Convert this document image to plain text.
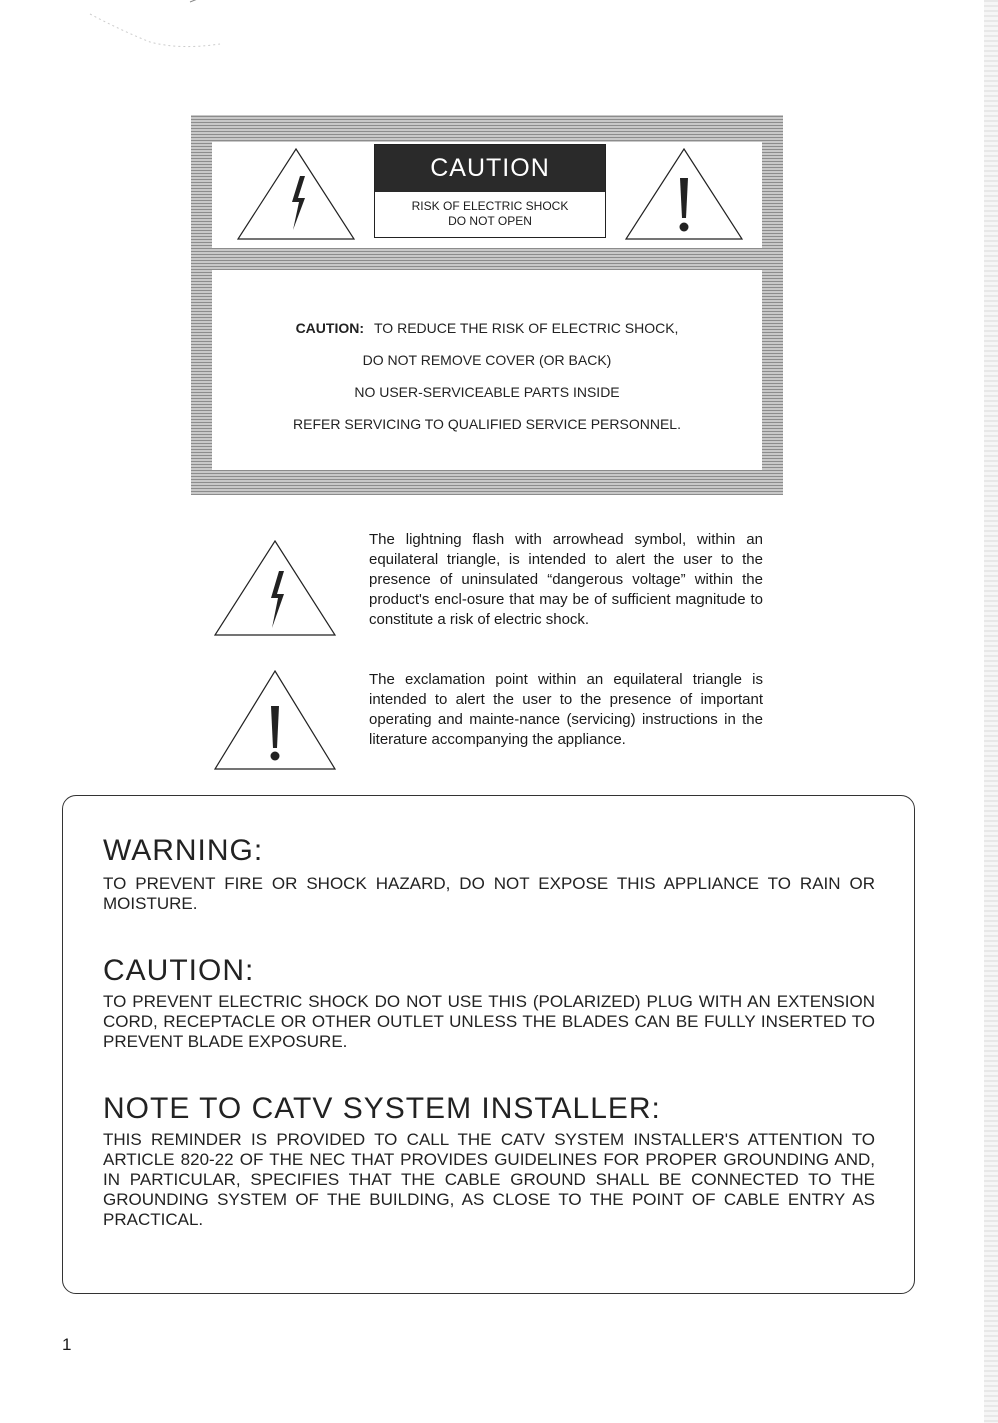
CAUTION
RISK OF ELECTRIC SHOCK
DO NOT OPEN
CAUTION: TO REDUCE THE RISK OF ELECTRIC SHOCK,
DO NOT REMOVE COVER (OR BACK)
NO USER-SERVICEABLE PARTS INSIDE
REFER SERVICING TO QUALIFIED SERVICE PERSONNEL.
The lightning flash with arrowhead symbol, within an equilateral triangle, is intended to alert the user to the presence of uninsulated “dangerous voltage” within the product's encl-osure that may be of sufficient magnitude to constitute a risk of electric shock.
The exclamation point within an equilateral triangle is intended to alert the user to the presence of important operating and mainte-nance (servicing) instructions in the literature accompanying the appliance.
WARNING:
TO PREVENT FIRE OR SHOCK HAZARD, DO NOT EXPOSE THIS APPLIANCE TO RAIN OR MOISTURE.
CAUTION:
TO PREVENT ELECTRIC SHOCK DO NOT USE THIS (POLARIZED) PLUG WITH AN EXTENSION CORD, RECEPTACLE OR OTHER OUTLET UNLESS THE BLADES CAN BE FULLY INSERTED TO PREVENT BLADE EXPOSURE.
NOTE TO CATV SYSTEM INSTALLER:
THIS REMINDER IS PROVIDED TO CALL THE CATV SYSTEM INSTALLER'S ATTENTION TO ARTICLE 820-22 OF THE NEC THAT PROVIDES GUIDELINES FOR PROPER GROUNDING AND, IN PARTICULAR, SPECIFIES THAT THE CABLE GROUND SHALL BE CONNECTED TO THE GROUNDING SYSTEM OF THE BUILDING, AS CLOSE TO THE POINT OF CABLE ENTRY AS PRACTICAL.
1
